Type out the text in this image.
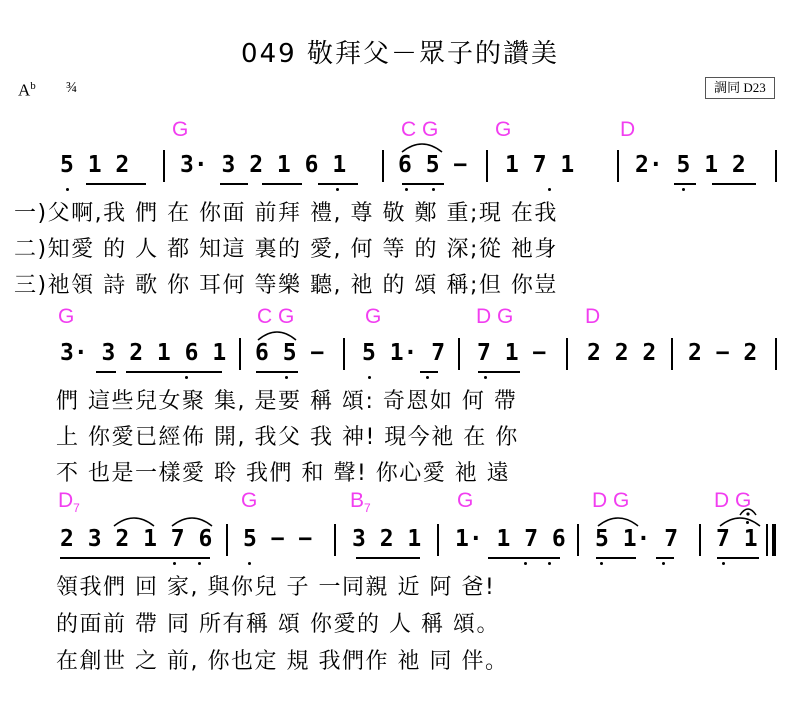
049 敬拜父－眾子的讚美
$A^b$ ¾	調同 D23
G	C G	G	D
5 1 2 3· 3 2 1 6 1 6 5 − 1 7 1	2· 5 1 2
一)父啊,我 們 在 你面 前拜 禮, 尊 敬 鄭 重;現 在我
二)知愛 的 人 都 知這 裏的 愛, 何 等 的 深;從 祂身
三)祂領 詩 歌 你 耳何 等樂 聽, 祂 的 頌 稱;但 你豈
G	C G	G	D G	D
3· 3 2 1 6 1 6 5 − 5 1· 7 7 1 − 2 2 2 2 − 2
們 這些兒女聚 集, 是要 稱 頌: 奇恩如 何 帶
上 你愛已經佈 開, 我父 我 神! 現今祂 在 你
不 也是一樣愛 聆 我們 和 聲! 你心愛 祂 遠
$D_7$	G	$B_7$	G	D G	D G
2 3 2 1 7 6 5 − − 3 2 1 1· 1 7 6 5 1· 7 7 1
領我們 回 家, 與你兒 子 一同親 近 阿 爸!
的面前 帶 同 所有稱 頌 你愛的 人 稱 頌。
在創世 之 前, 你也定 規 我們作 祂 同 伴。
